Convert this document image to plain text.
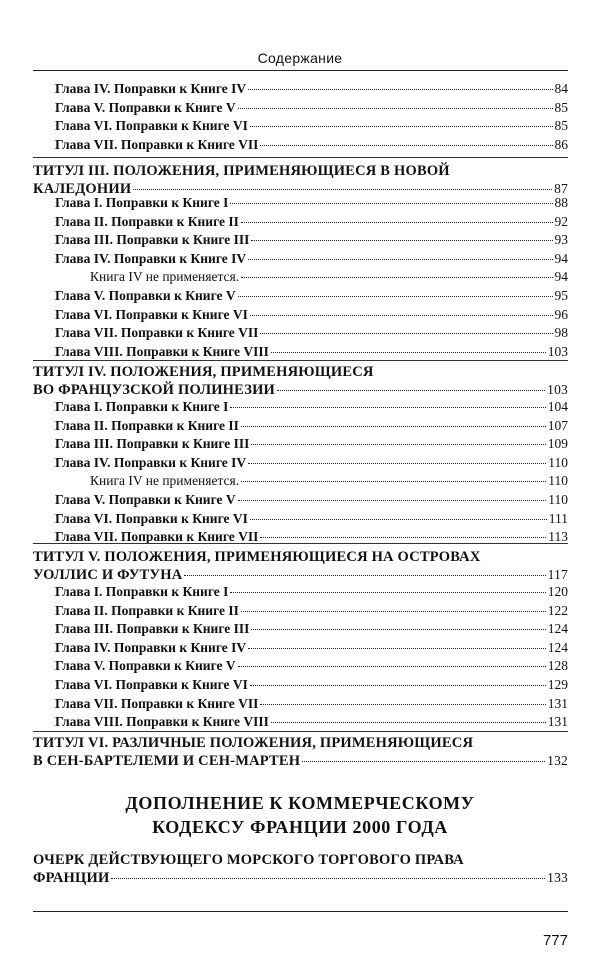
Содержание
Глава IV. Поправки к Книге IV	84
Глава V. Поправки к Книге V	85
Глава VI. Поправки к Книге VI	85
Глава VII. Поправки к Книге VII	86
ТИТУЛ III. ПОЛОЖЕНИЯ, ПРИМЕНЯЮЩИЕСЯ В НОВОЙ
КАЛЕДОНИИ	87
Глава I. Поправки к Книге I	88
Глава II. Поправки к Книге II	92
Глава III. Поправки к Книге III	93
Глава IV. Поправки к Книге IV	94
Книга IV не применяется.	94
Глава V. Поправки к Книге V	95
Глава VI. Поправки к Книге VI	96
Глава VII. Поправки к Книге VII	98
Глава VIII. Поправки к Книге VIII	103
ТИТУЛ IV. ПОЛОЖЕНИЯ, ПРИМЕНЯЮЩИЕСЯ
ВО ФРАНЦУЗСКОЙ ПОЛИНЕЗИИ	103
Глава I. Поправки к Книге I	104
Глава II. Поправки к Книге II	107
Глава III. Поправки к Книге III	109
Глава IV. Поправки к Книге IV	110
Книга IV не применяется.	110
Глава V. Поправки к Книге V	110
Глава VI. Поправки к Книге VI	111
Глава VII. Поправки к Книге VII	113
ТИТУЛ V. ПОЛОЖЕНИЯ, ПРИМЕНЯЮЩИЕСЯ НА ОСТРОВАХ
УОЛЛИС И ФУТУНА	117
Глава I. Поправки к Книге I	120
Глава II. Поправки к Книге II	122
Глава III. Поправки к Книге III	124
Глава IV. Поправки к Книге IV	124
Глава V. Поправки к Книге V	128
Глава VI. Поправки к Книге VI	129
Глава VII. Поправки к Книге VII	131
Глава VIII. Поправки к Книге VIII	131
ТИТУЛ VI. РАЗЛИЧНЫЕ ПОЛОЖЕНИЯ, ПРИМЕНЯЮЩИЕСЯ
В СЕН-БАРТЕЛЕМИ И СЕН-МАРТЕН	132
ДОПОЛНЕНИЕ К КОММЕРЧЕСКОМУ
КОДЕКСУ ФРАНЦИИ 2000 ГОДА
ОЧЕРК ДЕЙСТВУЮЩЕГО МОРСКОГО ТОРГОВОГО ПРАВА
ФРАНЦИИ	133
777
